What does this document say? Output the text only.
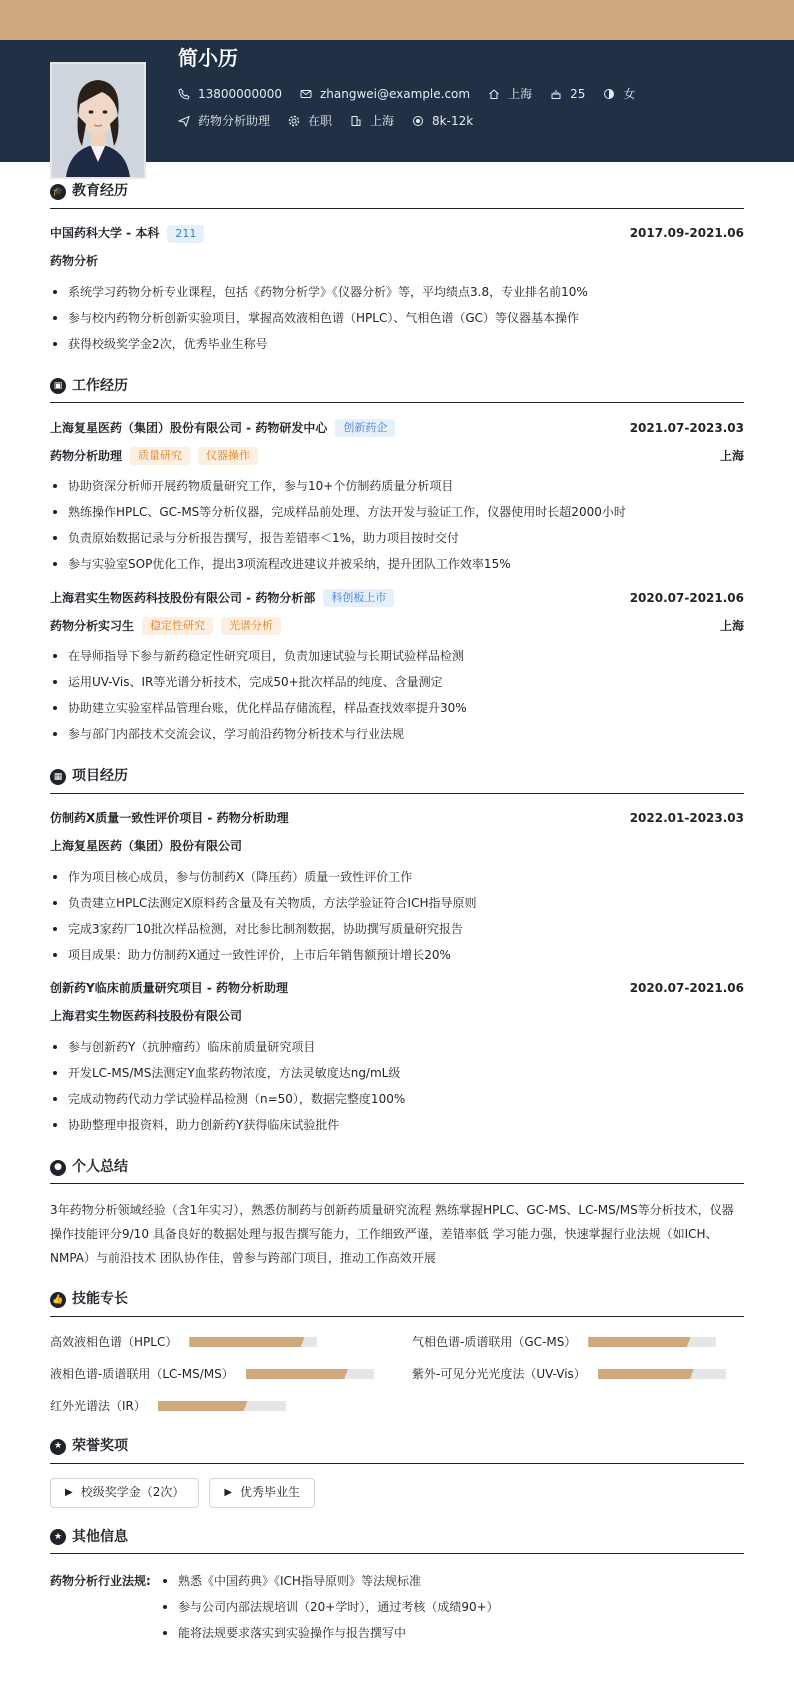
简小历
13800000000	zhangwei@example.com	上海	25	女
药物分析助理	在职	上海	8k-12k
🎓 教育经历
中国药科大学 - 本科	211	2017.09-2021.06
药物分析
系统学习药物分析专业课程，包括《药物分析学》《仪器分析》等，平均绩点3.8，专业排名前10%
参与校内药物分析创新实验项目，掌握高效液相色谱（HPLC）、气相色谱（GC）等仪器基本操作
获得校级奖学金2次，优秀毕业生称号
▣ 工作经历
上海复星医药（集团）股份有限公司 - 药物研发中心	创新药企	2021.07-2023.03
药物分析助理	质量研究	仪器操作	上海
协助资深分析师开展药物质量研究工作，参与10+个仿制药质量分析项目
熟练操作HPLC、GC-MS等分析仪器，完成样品前处理、方法开发与验证工作，仪器使用时长超2000小时
负责原始数据记录与分析报告撰写，报告差错率＜1%，助力项目按时交付
参与实验室SOP优化工作，提出3项流程改进建议并被采纳，提升团队工作效率15%
上海君实生物医药科技股份有限公司 - 药物分析部	科创板上市	2020.07-2021.06
药物分析实习生	稳定性研究	光谱分析	上海
在导师指导下参与新药稳定性研究项目，负责加速试验与长期试验样品检测
运用UV-Vis、IR等光谱分析技术，完成50+批次样品的纯度、含量测定
协助建立实验室样品管理台账，优化样品存储流程，样品查找效率提升30%
参与部门内部技术交流会议，学习前沿药物分析技术与行业法规
▦ 项目经历
仿制药X质量一致性评价项目 - 药物分析助理	2022.01-2023.03
上海复星医药（集团）股份有限公司
作为项目核心成员，参与仿制药X（降压药）质量一致性评价工作
负责建立HPLC法测定X原料药含量及有关物质，方法学验证符合ICH指导原则
完成3家药厂10批次样品检测，对比参比制剂数据，协助撰写质量研究报告
项目成果：助力仿制药X通过一致性评价，上市后年销售额预计增长20%
创新药Y临床前质量研究项目 - 药物分析助理	2020.07-2021.06
上海君实生物医药科技股份有限公司
参与创新药Y（抗肿瘤药）临床前质量研究项目
开发LC-MS/MS法测定Y血浆药物浓度，方法灵敏度达ng/mL级
完成动物药代动力学试验样品检测（n=50），数据完整度100%
协助整理申报资料，助力创新药Y获得临床试验批件
● 个人总结

3年药物分析领域经验（含1年实习），熟悉仿制药与创新药质量研究流程 熟练掌握HPLC、GC-MS、LC-MS/MS等分析技术，仪器操作技能评分9/10 具备良好的数据处理与报告撰写能力，工作细致严谨，差错率低 学习能力强，快速掌握行业法规（如ICH、NMPA）与前沿技术 团队协作佳，曾参与跨部门项目，推动工作高效开展

👍 技能专长
高效液相色谱（HPLC）	气相色谱-质谱联用（GC-MS）
液相色谱-质谱联用（LC-MS/MS）	紫外-可见分光光度法（UV-Vis）
红外光谱法（IR）
★ 荣誉奖项
▶ 校级奖学金（2次）	▶ 优秀毕业生
★ 其他信息
药物分析行业法规:	熟悉《中国药典》《ICH指导原则》等法规标准
参与公司内部法规培训（20+学时），通过考核（成绩90+）
能将法规要求落实到实验操作与报告撰写中
